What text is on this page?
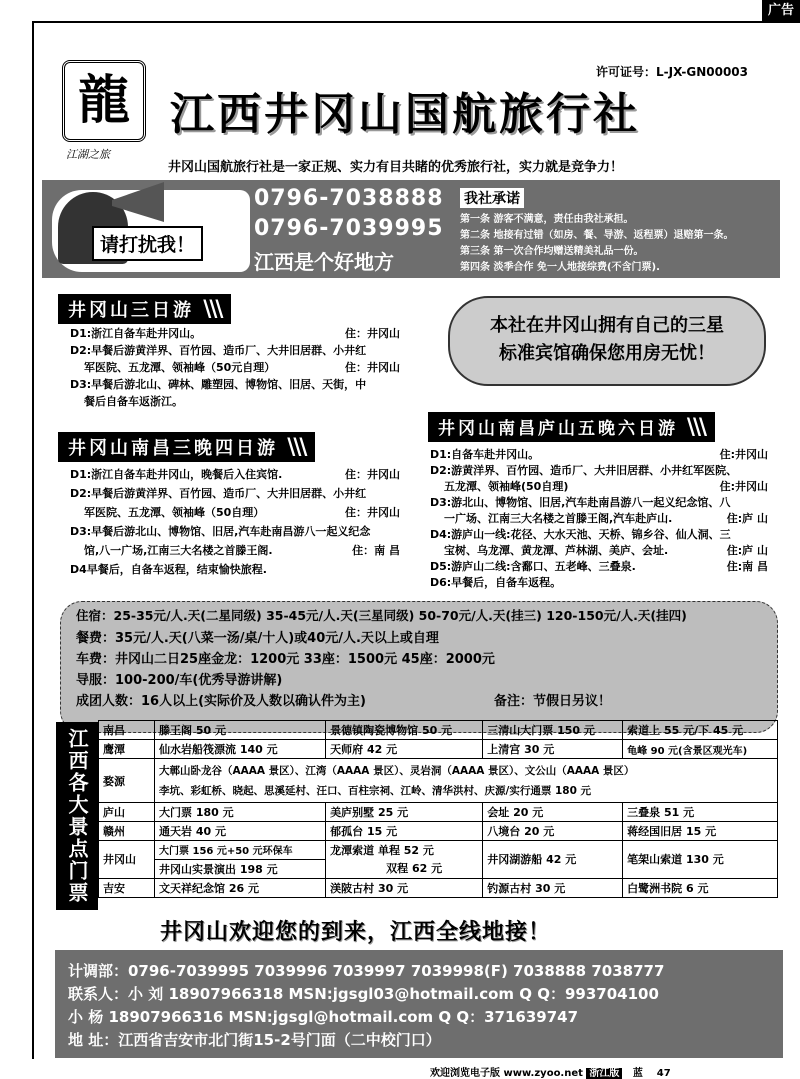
广告
龍
江湖之旅
许可证号：L-JX-GN00003
江西井冈山国航旅行社
井冈山国航旅行社是一家正规、实力有目共睹的优秀旅行社，实力就是竞争力！
请打扰我！
0796-7038888
0796-7039995
江西是个好地方
我社承诺
第一条 游客不满意，责任由我社承担。
第二条 地接有过错（如房、餐、导游、返程票）退赔第一条。
第三条 第一次合作均赠送精美礼品一份。
第四条 淡季合作 免一人地接综费(不含门票).
井冈山三日游 \\\
D1:浙江自备车赴井冈山。	住：井冈山
D2:早餐后游黄洋界、百竹园、造币厂、大井旧居群、小井红
军医院、五龙潭、领袖峰（50元自理）	住：井冈山
D3:早餐后游北山、碑林、雕塑园、博物馆、旧居、天街，中
餐后自备车返浙江。
井冈山南昌三晚四日游 \\\
D1:浙江自备车赴井冈山，晚餐后入住宾馆.	住：井冈山
D2:早餐后游黄洋界、百竹园、造币厂、大井旧居群、小井红
军医院、五龙潭、领袖峰（50自理）	住：井冈山
D3:早餐后游北山、博物馆、旧居,汽车赴南昌游八一起义纪念
馆,八一广场,江南三大名楼之首滕王阁.	住：南 昌
D4早餐后，自备车返程，结束愉快旅程.
本社在井冈山拥有自己的三星
标准宾馆确保您用房无忧！
井冈山南昌庐山五晚六日游 \\\
D1:自备车赴井冈山。	住:井冈山
D2:游黄洋界、百竹园、造币厂、大井旧居群、小井红军医院、
五龙潭、领袖峰(50自理)	住:井冈山
D3:游北山、博物馆、旧居,汽车赴南昌游八一起义纪念馆、八
一广场、江南三大名楼之首滕王阁,汽车赴庐山.	住:庐 山
D4:游庐山一线:花径、大水天池、天桥、锦乡谷、仙人洞、三
宝树、乌龙潭、黄龙潭、芦林湖、美庐、会址.	住:庐 山
D5:游庐山二线:含鄱口、五老峰、三叠泉.	住:南 昌
D6:早餐后，自备车返程。
住宿：25-35元/人.天(二星同级) 35-45元/人.天(三星同级) 50-70元/人.天(挂三) 120-150元/人.天(挂四)
餐费：35元/人.天(八菜一汤/桌/十人)或40元/人.天以上或自理
车费：井冈山二日25座金龙：1200元 33座：1500元 45座：2000元
导服：100-200/车(优秀导游讲解)
成团人数：16人以上(实际价及人数以确认件为主)	备注：节假日另议！
江西各大景点门票	南昌	滕王阁 50 元	景德镇陶瓷博物馆 50 元	三清山大门票 150 元	索道上 55 元/下 45 元
鹰潭	仙水岩船筏漂流 140 元	天师府 42 元	上清宫 30 元	龟峰 90 元(含景区观光车)
婺源	大鄣山卧龙谷（AAAA 景区）、江湾（AAAA 景区）、灵岩洞（AAAA 景区）、文公山（AAAA 景区）
李坑、彩虹桥、晓起、思溪延村、汪口、百柱宗祠、江岭、清华洪村、庆源/实行通票 180 元			

庐山	大门票 180 元	美庐别墅 25 元	会址 20 元	三叠泉 51 元
赣州	通天岩 40 元	郁孤台 15 元	八境台 20 元	蒋经国旧居 15 元
井冈山	大门票 156 元+50 元环保车	龙潭索道 单程 52 元	井冈湖游船 42 元	笔架山索道 130 元
	井冈山实景演出 198 元	双程 62 元		
吉安	文天祥纪念馆 26 元	渼陂古村 30 元	钓源古村 30 元	白鹭洲书院 6 元
井冈山欢迎您的到来，江西全线地接！
计调部：0796-7039995 7039996 7039997 7039998(F) 7038888 7038777
联系人：小 刘 18907966318 MSN:jgsgl03@hotmail.com Q Q：993704100
小 杨 18907966316 MSN:jgsgl@hotmail.com Q Q：371639747
地 址：江西省吉安市北门街15-2号门面（二中校门口）
欢迎浏览电子版 www.zyoo.net 浙江版 蓝 47
